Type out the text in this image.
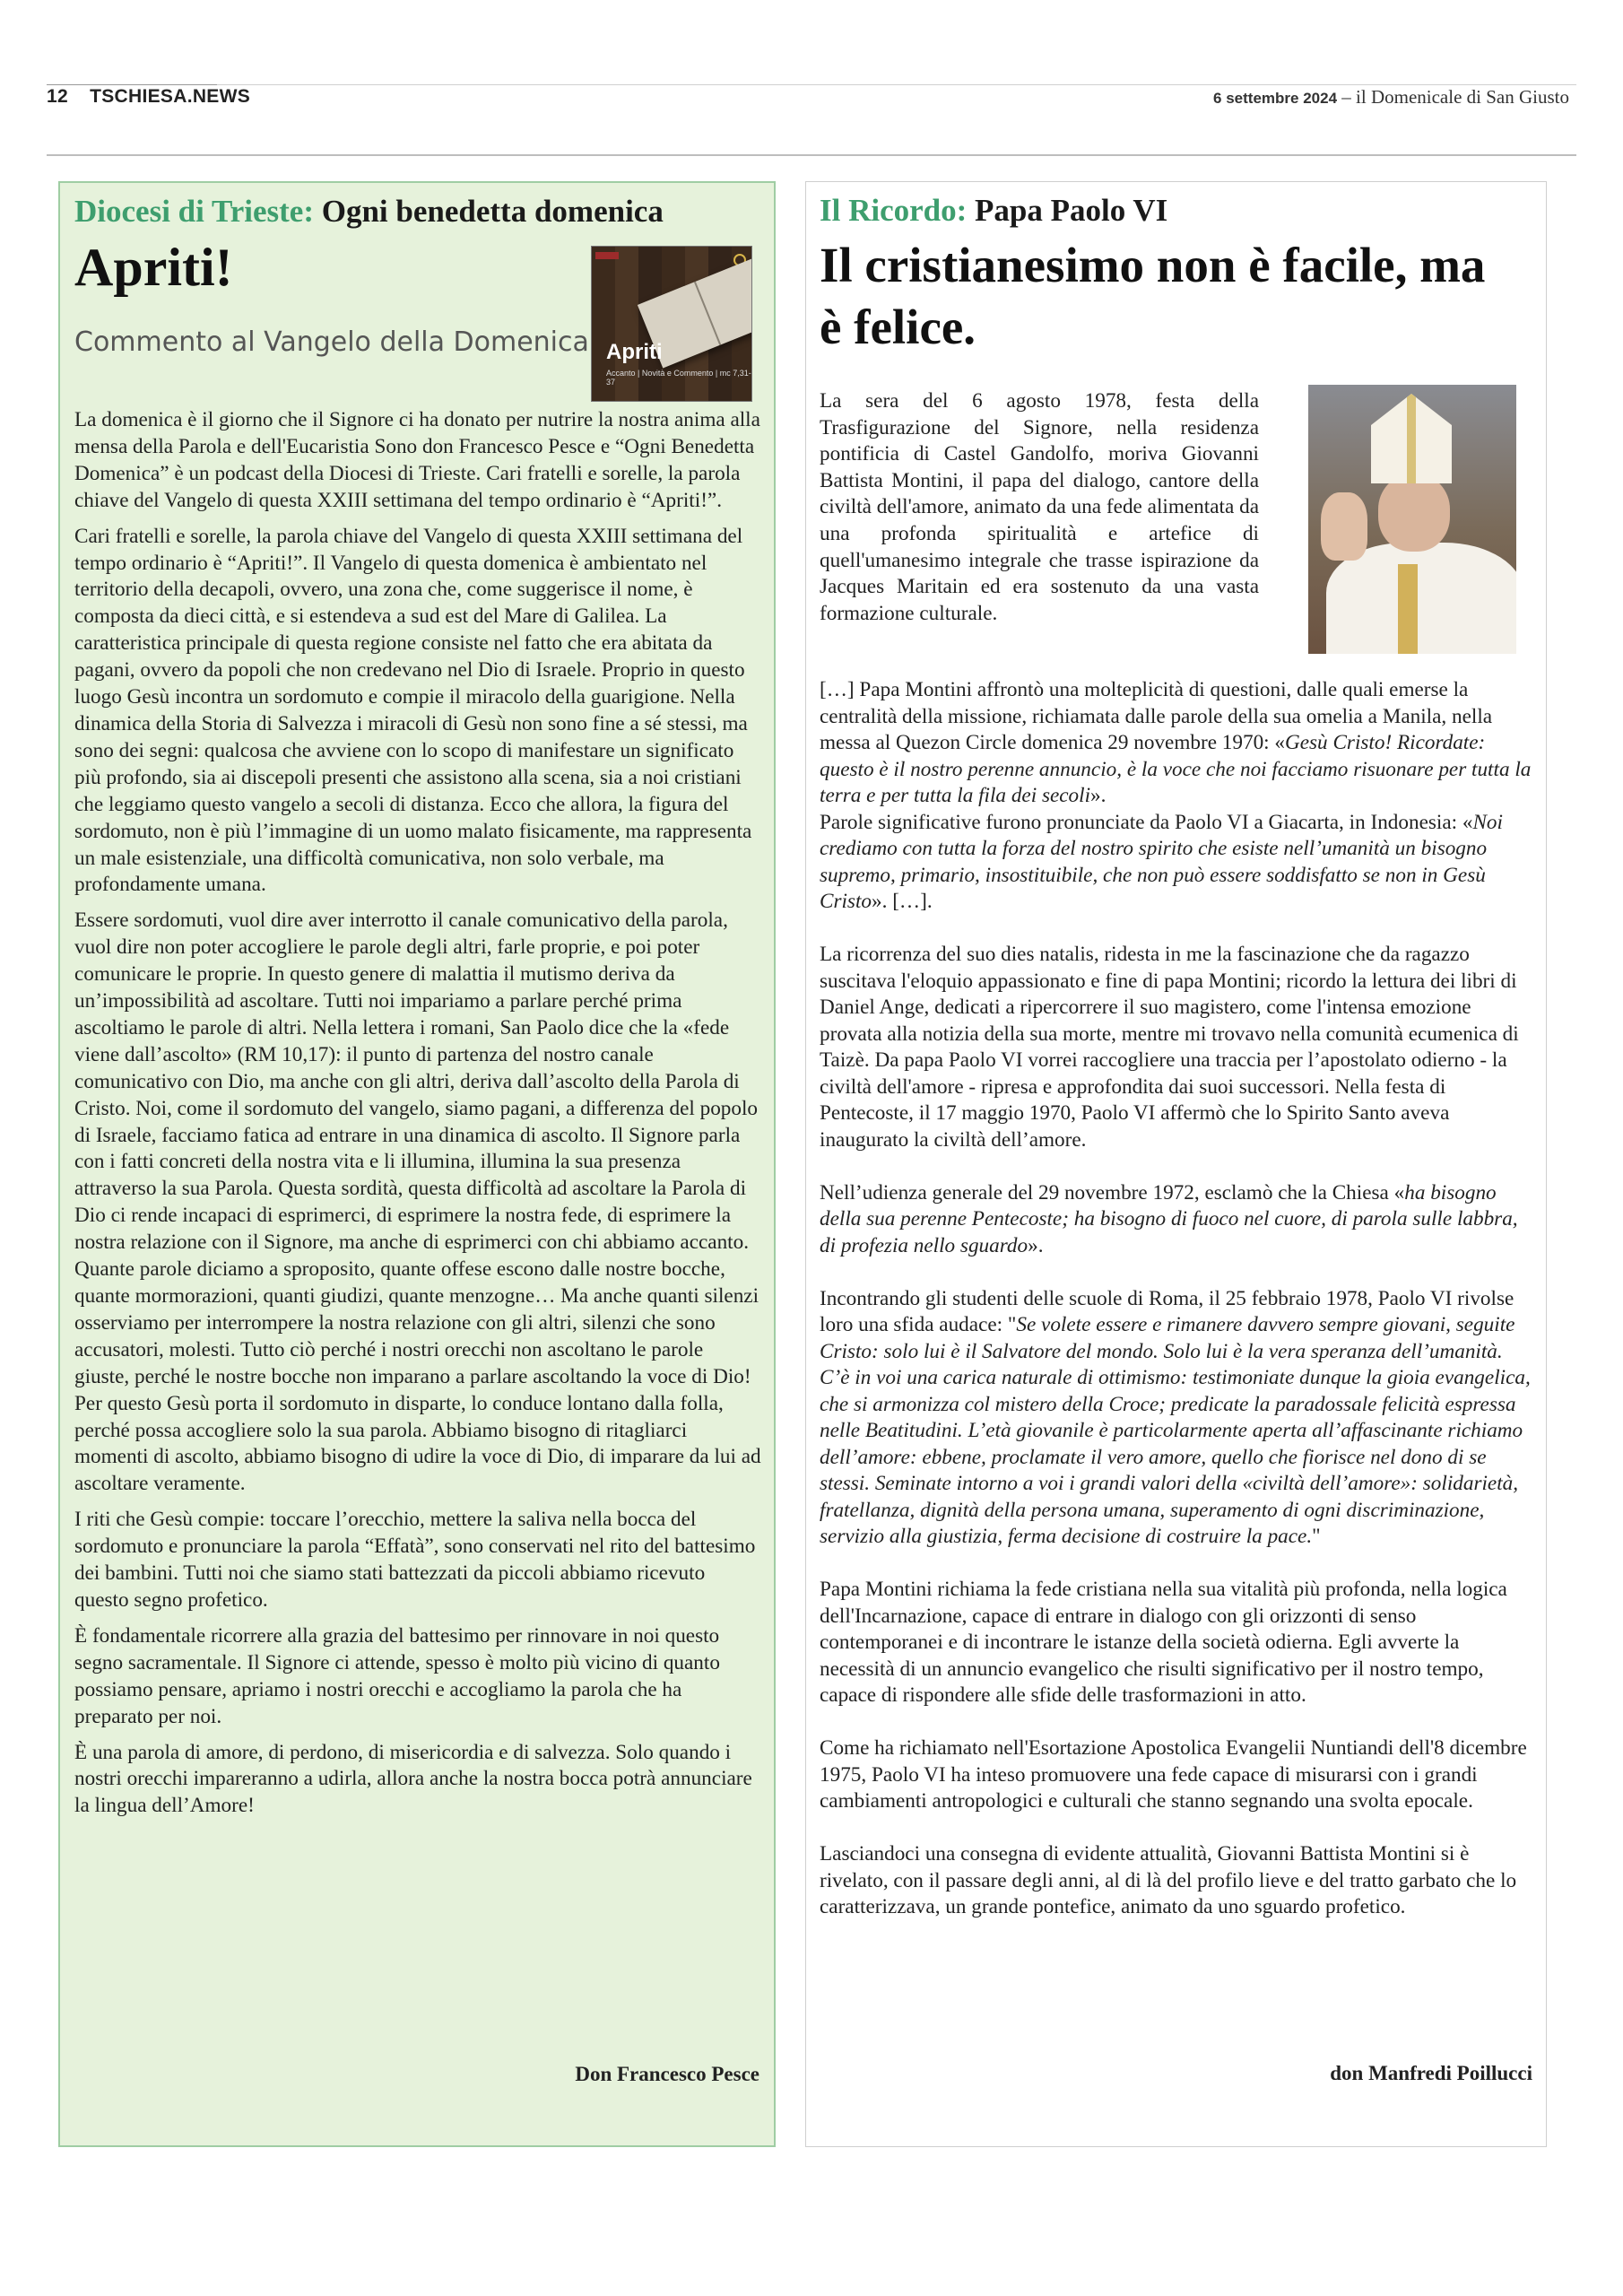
12 TSCHIESA.NEWS	6 settembre 2024 – il Domenicale di San Giusto
Diocesi di Trieste: Ogni benedetta domenica
Apriti!
Commento al Vangelo della Domenica Apriti
Accanto | Novità e Commento | mc 7,31-37

La domenica è il giorno che il Signore ci ha donato per nutrire la nostra anima alla mensa della Parola e dell'Eucaristia Sono don Francesco Pesce e “Ogni Benedetta Domenica” è un podcast della Diocesi di Trieste. Cari fratelli e sorelle, la parola chiave del Vangelo di questa XXIII settimana del tempo ordinario è “Apriti!”.

Cari fratelli e sorelle, la parola chiave del Vangelo di questa XXIII settimana del tempo ordinario è “Apriti!”. Il Vangelo di questa domenica è ambientato nel territorio della decapoli, ovvero, una zona che, come suggerisce il nome, è composta da dieci città, e si estendeva a sud est del Mare di Galilea. La caratteristica principale di questa regione consiste nel fatto che era abitata da pagani, ovvero da popoli che non credevano nel Dio di Israele. Proprio in questo luogo Gesù incontra un sordomuto e compie il miracolo della guarigione. Nella dinamica della Storia di Salvezza i miracoli di Gesù non sono fine a sé stessi, ma sono dei segni: qualcosa che avviene con lo scopo di manifestare un significato più profondo, sia ai discepoli presenti che assistono alla scena, sia a noi cristiani che leggiamo questo vangelo a secoli di distanza. Ecco che allora, la figura del sordomuto, non è più l’immagine di un uomo malato fisicamente, ma rappresenta un male esistenziale, una difficoltà comunicativa, non solo verbale, ma profondamente umana.

Essere sordomuti, vuol dire aver interrotto il canale comunicativo della parola, vuol dire non poter accogliere le parole degli altri, farle proprie, e poi poter comunicare le proprie. In questo genere di malattia il mutismo deriva da un’impossibilità ad ascoltare. Tutti noi impariamo a parlare perché prima ascoltiamo le parole di altri. Nella lettera i romani, San Paolo dice che la «fede viene dall’ascolto» (RM 10,17): il punto di partenza del nostro canale comunicativo con Dio, ma anche con gli altri, deriva dall’ascolto della Parola di Cristo. Noi, come il sordomuto del vangelo, siamo pagani, a differenza del popolo di Israele, facciamo fatica ad entrare in una dinamica di ascolto. Il Signore parla con i fatti concreti della nostra vita e li illumina, illumina la sua presenza attraverso la sua Parola. Questa sordità, questa difficoltà ad ascoltare la Parola di Dio ci rende incapaci di esprimerci, di esprimere la nostra fede, di esprimere la nostra relazione con il Signore, ma anche di esprimerci con chi abbiamo accanto. Quante parole diciamo a sproposito, quante offese escono dalle nostre bocche, quante mormorazioni, quanti giudizi, quante menzogne… Ma anche quanti silenzi osserviamo per interrompere la nostra relazione con gli altri, silenzi che sono accusatori, molesti. Tutto ciò perché i nostri orecchi non ascoltano le parole giuste, perché le nostre bocche non imparano a parlare ascoltando la voce di Dio! Per questo Gesù porta il sordomuto in disparte, lo conduce lontano dalla folla, perché possa accogliere solo la sua parola. Abbiamo bisogno di ritagliarci momenti di ascolto, abbiamo bisogno di udire la voce di Dio, di imparare da lui ad ascoltare veramente.

I riti che Gesù compie: toccare l’orecchio, mettere la saliva nella bocca del sordomuto e pronunciare la parola “Effatà”, sono conservati nel rito del battesimo dei bambini. Tutti noi che siamo stati battezzati da piccoli abbiamo ricevuto questo segno profetico.

È fondamentale ricorrere alla grazia del battesimo per rinnovare in noi questo segno sacramentale. Il Signore ci attende, spesso è molto più vicino di quanto possiamo pensare, apriamo i nostri orecchi e accogliamo la parola che ha preparato per noi.

È una parola di amore, di perdono, di misericordia e di salvezza. Solo quando i nostri orecchi impareranno a udirla, allora anche la nostra bocca potrà annunciare la lingua dell’Amore!

Don Francesco Pesce
Il Ricordo: Papa Paolo VI
Il cristianesimo non è facile, ma è felice.
La sera del 6 agosto 1978, festa della Trasfigurazione del Signore, nella residenza pontificia di Castel Gandolfo, moriva Giovanni Battista Montini, il papa del dialogo, cantore della civiltà dell'amore, animato da una fede alimentata da una profonda spiritualità e artefice di quell'umanesimo integrale che trasse ispirazione da Jacques Maritain ed era sostenuto da una vasta formazione culturale.

[…] Papa Montini affrontò una molteplicità di questioni, dalle quali emerse la centralità della missione, richiamata dalle parole della sua omelia a Manila, nella messa al Quezon Circle domenica 29 novembre 1970: «Gesù Cristo! Ricordate: questo è il nostro perenne annuncio, è la voce che noi facciamo risuonare per tutta la terra e per tutta la fila dei secoli».

Parole significative furono pronunciate da Paolo VI a Giacarta, in Indonesia: «Noi crediamo con tutta la forza del nostro spirito che esiste nell’umanità un bisogno supremo, primario, insostituibile, che non può essere soddisfatto se non in Gesù Cristo». […].

La ricorrenza del suo dies natalis, ridesta in me la fascinazione che da ragazzo suscitava l'eloquio appassionato e fine di papa Montini; ricordo la lettura dei libri di Daniel Ange, dedicati a ripercorrere il suo magistero, come l'intensa emozione provata alla notizia della sua morte, mentre mi trovavo nella comunità ecumenica di Taizè. Da papa Paolo VI vorrei raccogliere una traccia per l’apostolato odierno - la civiltà dell'amore - ripresa e approfondita dai suoi successori. Nella festa di Pentecoste, il 17 maggio 1970, Paolo VI affermò che lo Spirito Santo aveva inaugurato la civiltà dell’amore.

Nell’udienza generale del 29 novembre 1972, esclamò che la Chiesa «ha bisogno della sua perenne Pentecoste; ha bisogno di fuoco nel cuore, di parola sulle labbra, di profezia nello sguardo».

Incontrando gli studenti delle scuole di Roma, il 25 febbraio 1978, Paolo VI rivolse loro una sfida audace: "Se volete essere e rimanere davvero sempre giovani, seguite Cristo: solo lui è il Salvatore del mondo. Solo lui è la vera speranza dell’umanità. C’è in voi una carica naturale di ottimismo: testimoniate dunque la gioia evangelica, che si armonizza col mistero della Croce; predicate la paradossale felicità espressa nelle Beatitudini. L’età giovanile è particolarmente aperta all’affascinante richiamo dell’amore: ebbene, proclamate il vero amore, quello che fiorisce nel dono di se stessi. Seminate intorno a voi i grandi valori della «civiltà dell’amore»: solidarietà, fratellanza, dignità della persona umana, superamento di ogni discriminazione, servizio alla giustizia, ferma decisione di costruire la pace."

Papa Montini richiama la fede cristiana nella sua vitalità più profonda, nella logica dell'Incarnazione, capace di entrare in dialogo con gli orizzonti di senso contemporanei e di incontrare le istanze della società odierna. Egli avverte la necessità di un annuncio evangelico che risulti significativo per il nostro tempo, capace di rispondere alle sfide delle trasformazioni in atto.

Come ha richiamato nell'Esortazione Apostolica Evangelii Nuntiandi dell'8 dicembre 1975, Paolo VI ha inteso promuovere una fede capace di misurarsi con i grandi cambiamenti antropologici e culturali che stanno segnando una svolta epocale.

Lasciandoci una consegna di evidente attualità, Giovanni Battista Montini si è rivelato, con il passare degli anni, al di là del profilo lieve e del tratto garbato che lo caratterizzava, un grande pontefice, animato da uno sguardo profetico.

don Manfredi Poillucci
